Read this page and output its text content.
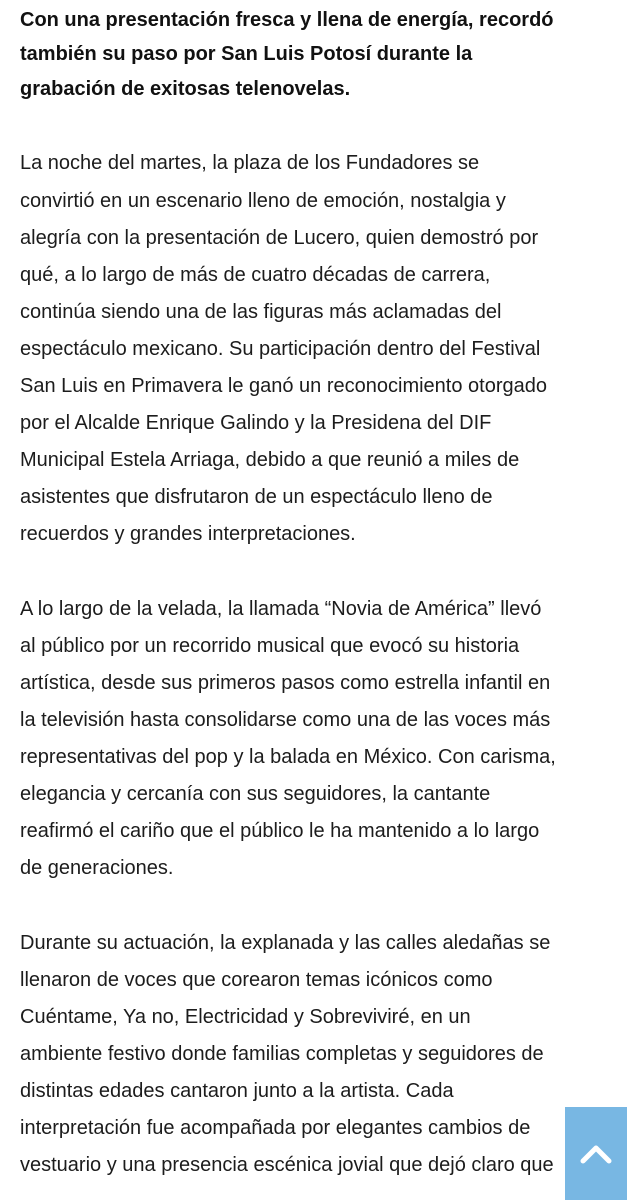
Con una presentación fresca y llena de energía, recordó
también su paso por San Luis Potosí durante la
grabación de exitosas telenovelas.
La noche del martes, la plaza de los Fundadores se
convirtió en un escenario lleno de emoción, nostalgia y
alegría con la presentación de Lucero, quien demostró por
qué, a lo largo de más de cuatro décadas de carrera,
continúa siendo una de las figuras más aclamadas del
espectáculo mexicano. Su participación dentro del Festival
San Luis en Primavera le ganó un reconocimiento otorgado
por el Alcalde Enrique Galindo y la Presidena del DIF
Municipal Estela Arriaga, debido a que reunió a miles de
asistentes que disfrutaron de un espectáculo lleno de
recuerdos y grandes interpretaciones.
A lo largo de la velada, la llamada “Novia de América” llevó
al público por un recorrido musical que evocó su historia
artística, desde sus primeros pasos como estrella infantil en
la televisión hasta consolidarse como una de las voces más
representativas del pop y la balada en México. Con carisma,
elegancia y cercanía con sus seguidores, la cantante
reafirmó el cariño que el público le ha mantenido a lo largo
de generaciones.
Durante su actuación, la explanada y las calles aledañas se
llenaron de voces que corearon temas icónicos como
Cuéntame, Ya no, Electricidad y Sobreviviré, en un
ambiente festivo donde familias completas y seguidores de
distintas edades cantaron junto a la artista. Cada
interpretación fue acompañada por elegantes cambios de
vestuario y una presencia escénica jovial que dejó claro que
